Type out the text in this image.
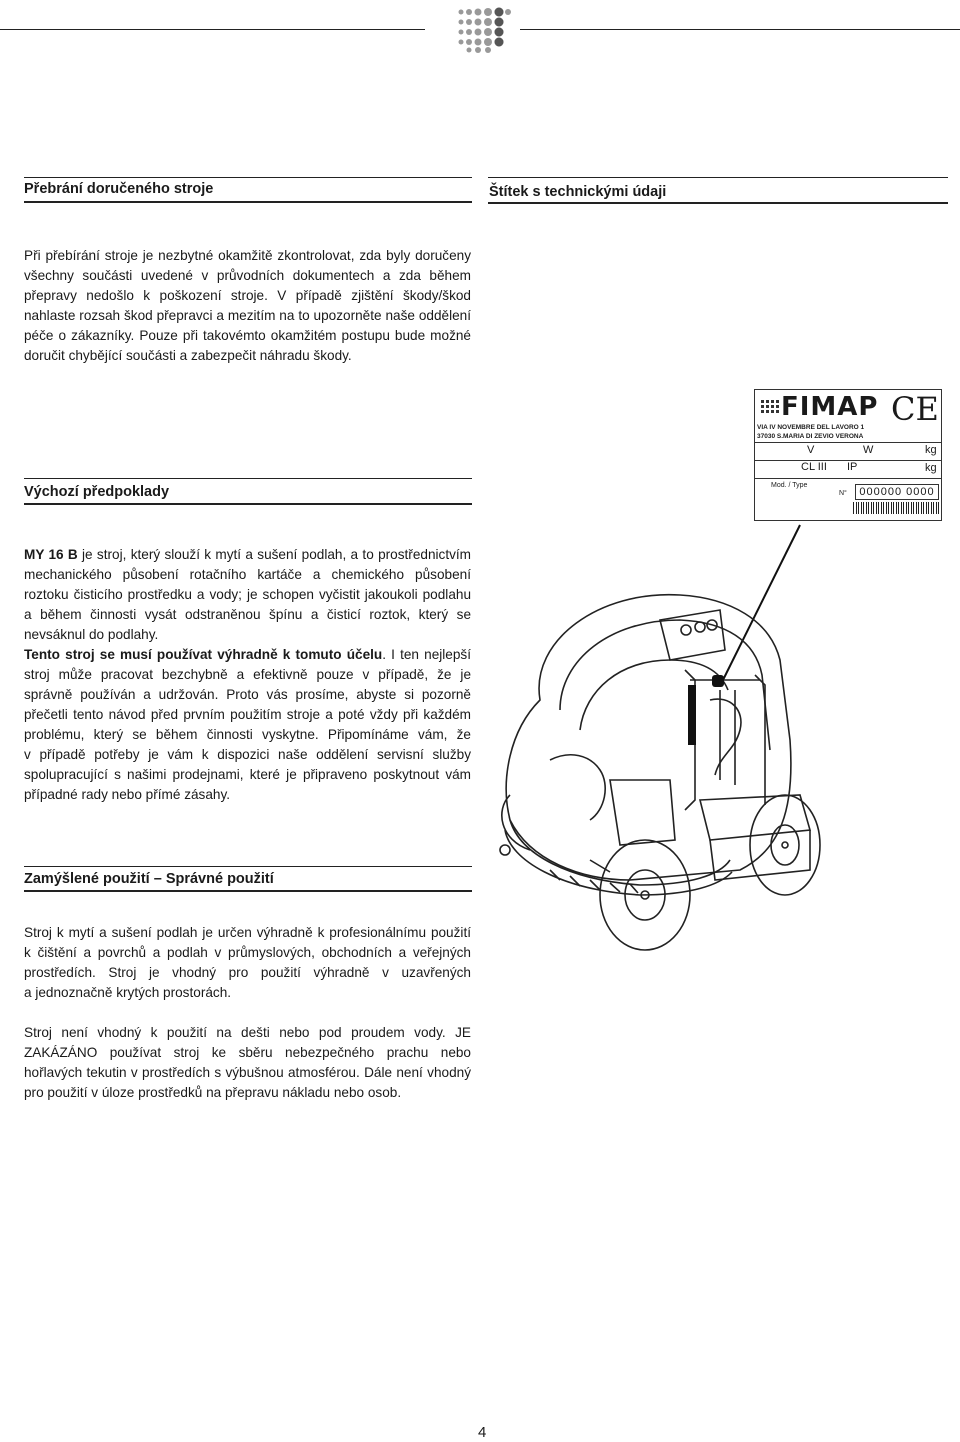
Přebrání doručeného stroje
Při přebírání stroje je nezbytné okamžitě zkontrolovat, zda byly doručeny
všechny součásti uvedené v průvodních dokumentech a zda během
přepravy nedošlo k poškození stroje. V případě zjištění škody/škod
nahlaste rozsah škod přepravci a mezitím na to upozorněte naše oddělení
péče o zákazníky. Pouze při takovémto okamžitém postupu bude možné
doručit chybějící součásti a zabezpečit náhradu škody.
Štítek s technickými údaji
FIMAP CE
VIA IV NOVEMBRE DEL LAVORO 1
37030 S.MARIA DI ZEVIO VERONA
V	W	kg
CL III IP	kg
Mod. / Type
N°	000000 0000
Výchozí předpoklady
MY 16 B je stroj, který slouží k mytí a sušení podlah, a to prostřednictvím
mechanického působení rotačního kartáče a chemického působení
roztoku čisticího prostředku a vody; je schopen vyčistit jakoukoli podlahu
a během činnosti vysát odstraněnou špínu a čisticí roztok, který se
nevsáknul do podlahy.
Tento stroj se musí používat výhradně k tomuto účelu. I ten nejlepší
stroj může pracovat bezchybně a efektivně pouze v případě, že je
správně používán a udržován. Proto vás prosíme, abyste si pozorně
přečetli tento návod před prvním použitím stroje a poté vždy při každém
problému, který se během činnosti vyskytne. Připomínáme vám, že
v případě potřeby je vám k dispozici naše oddělení servisní služby
spolupracující s našimi prodejnami, které je připraveno poskytnout vám
případné rady nebo přímé zásahy.
Zamýšlené použití – Správné použití
Stroj k mytí a sušení podlah je určen výhradně k profesionálnímu použití
k čištění a povrchů a podlah v průmyslových, obchodních a veřejných
prostředích. Stroj je vhodný pro použití výhradně v uzavřených
a jednoznačně krytých prostorách.
Stroj není vhodný k použití na dešti nebo pod proudem vody. JE
ZAKÁZÁNO používat stroj ke sběru nebezpečného prachu nebo
hořlavých tekutin v prostředích s výbušnou atmosférou. Dále není vhodný
pro použití v úloze prostředků na přepravu nákladu nebo osob.
4
